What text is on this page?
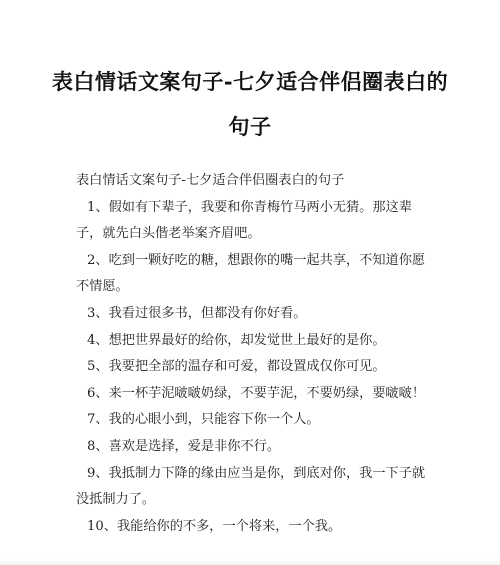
表白情话文案句子-七夕适合伴侣圈表白的
句子

表白情话文案句子-七夕适合伴侣圈表白的句子

1、假如有下辈子，我要和你青梅竹马两小无猜。那这辈子，就先白头偕老举案齐眉吧。

2、吃到一颗好吃的糖，想跟你的嘴一起共享，不知道你愿不情愿。

3、我看过很多书，但都没有你好看。

4、想把世界最好的给你，却发觉世上最好的是你。

5、我要把全部的温存和可爱，都设置成仅你可见。

6、来一杯芋泥啵啵奶绿，不要芋泥，不要奶绿，要啵啵！

7、我的心眼小到，只能容下你一个人。

8、喜欢是选择，爱是非你不行。

9、我抵制力下降的缘由应当是你，到底对你，我一下子就没抵制力了。

10、我能给你的不多，一个将来，一个我。
